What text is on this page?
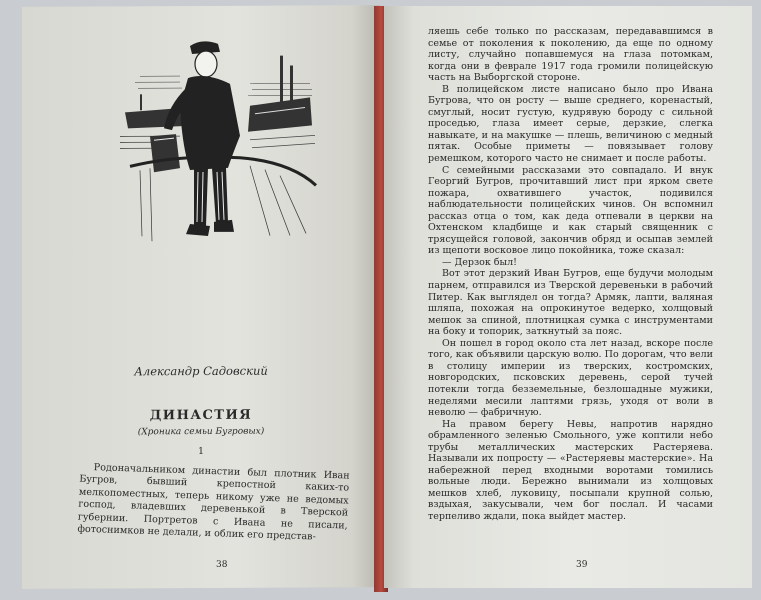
Александр Садовский
ДИНАСТИЯ
(Хроника семьи Бугровых)
1

Родоначальником династии был плотник Иван Бугров, бывший крепостной каких-то мелкопоместных, теперь никому уже не ведомых господ, владевших деревенькой в Тверской губернии. Портретов с Ивана не писали, фотоснимков не делали, и облик его представ-

38

ляешь себе только по рассказам, передававшимся в семье от поколения к поколению, да еще по одному листу, случайно попавшемуся на глаза потомкам, когда они в феврале 1917 года громили полицейскую часть на Выборгской стороне.

В полицейском листе написано было про Ивана Бугрова, что он росту — выше среднего, коренастый, смуглый, носит густую, кудрявую бороду с сильной проседью, глаза имеет серые, дерзкие, слегка навыкате, и на макушке — плешь, величиною с медный пятак. Особые приметы — повязывает голову ремешком, которого часто не снимает и после работы.

С семейными рассказами это совпадало. И внук Георгий Бугров, прочитавший лист при ярком свете пожара, охватившего участок, подивился наблюдательности полицейских чинов. Он вспомнил рассказ отца о том, как деда отпевали в церкви на Охтенском кладбище и как старый священник с трясущейся головой, закончив обряд и осыпав землей из щепоти восковое лицо покойника, тоже сказал:

— Дерзок был!

Вот этот дерзкий Иван Бугров, еще будучи молодым парнем, отправился из Тверской деревеньки в рабочий Питер. Как выглядел он тогда? Армяк, лапти, валяная шляпа, похожая на опрокинутое ведерко, холщовый мешок за спиной, плотницкая сумка с инструментами на боку и топорик, заткнутый за пояс.

Он пошел в город около ста лет назад, вскоре после того, как объявили царскую волю. По дорогам, что вели в столицу империи из тверских, костромских, новгородских, псковских деревень, серой тучей потекли тогда безземельные, безлошадные мужики, неделями месили лаптями грязь, уходя от воли в неволю — фабричную.

На правом берегу Невы, напротив нарядно обрамленного зеленью Смольного, уже коптили небо трубы металлических мастерских Растеряева. Называли их попросту — «Растеряевы мастерские». На набережной перед входными воротами томились вольные люди. Бережно вынимали из холщовых мешков хлеб, луковицу, посыпали крупной солью, вздыхая, закусывали, чем бог послал. И часами терпеливо ждали, пока выйдет мастер.

39
